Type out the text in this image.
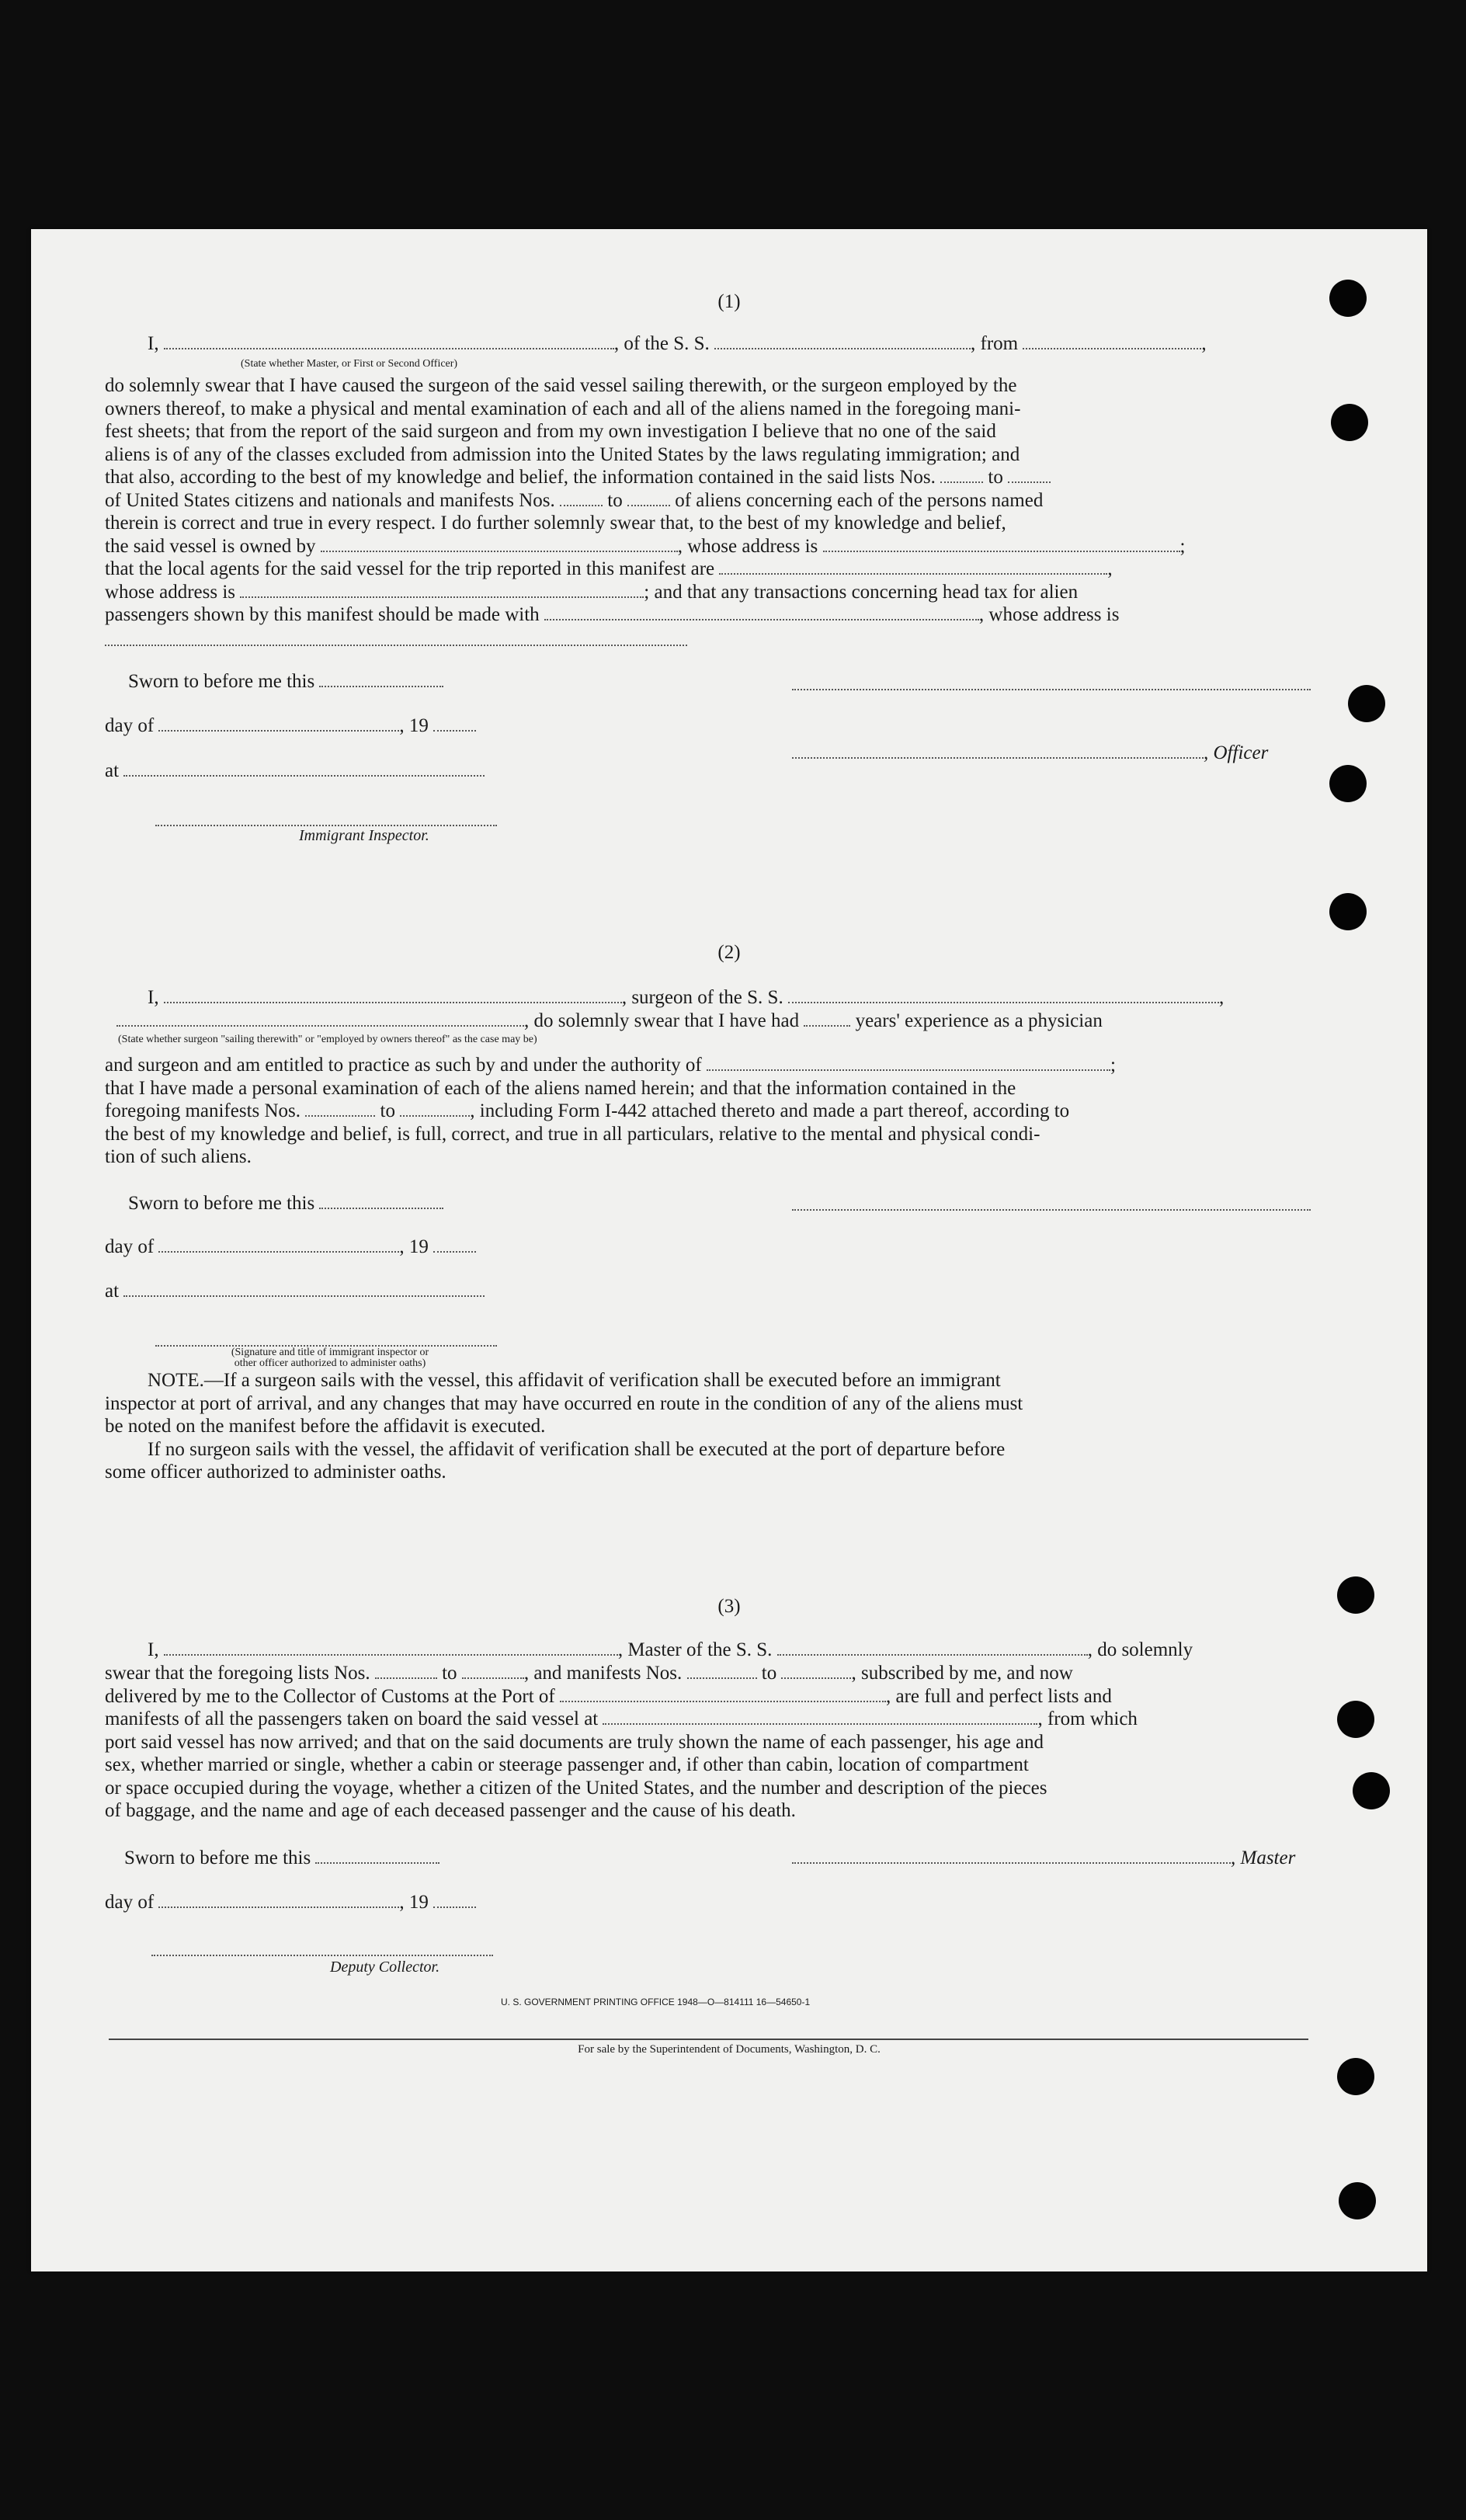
(1)
I,	, of the S. S.	, from	,
(State whether Master, or First or Second Officer)
do solemnly swear that I have caused the surgeon of the said vessel sailing therewith, or the surgeon employed by the
owners thereof, to make a physical and mental examination of each and all of the aliens named in the foregoing mani-
fest sheets; that from the report of the said surgeon and from my own investigation I believe that no one of the said
aliens is of any of the classes excluded from admission into the United States by the laws regulating immigration; and
that also, according to the best of my knowledge and belief, the information contained in the said lists Nos.	to
of United States citizens and nationals and manifests Nos.	to	of aliens concerning each of the persons named
therein is correct and true in every respect. I do further solemnly swear that, to the best of my knowledge and belief,
the said vessel is owned by	, whose address is	;
that the local agents for the said vessel for the trip reported in this manifest are	,
whose address is	; and that any transactions concerning head tax for alien
passengers shown by this manifest should be made with	, whose address is
Sworn to before me this
day of	, 19
, Officer
at
Immigrant Inspector.
(2)
I,	, surgeon of the S. S.	,
, do solemnly swear that I have had	years' experience as a physician
(State whether surgeon "sailing therewith" or "employed by owners thereof" as the case may be)
and surgeon and am entitled to practice as such by and under the authority of	;
that I have made a personal examination of each of the aliens named herein; and that the information contained in the
foregoing manifests Nos.	to	, including Form I-442 attached thereto and made a part thereof, according to
the best of my knowledge and belief, is full, correct, and true in all particulars, relative to the mental and physical condi-
tion of such aliens.
Sworn to before me this
day of	, 19
at
(Signature and title of immigrant inspector or
other officer authorized to administer oaths)
NOTE.—If a surgeon sails with the vessel, this affidavit of verification shall be executed before an immigrant
inspector at port of arrival, and any changes that may have occurred en route in the condition of any of the aliens must
be noted on the manifest before the affidavit is executed.
If no surgeon sails with the vessel, the affidavit of verification shall be executed at the port of departure before
some officer authorized to administer oaths.
(3)
I,	, Master of the S. S.	, do solemnly
swear that the foregoing lists Nos.	to	, and manifests Nos.	to	, subscribed by me, and now
delivered by me to the Collector of Customs at the Port of	, are full and perfect lists and
manifests of all the passengers taken on board the said vessel at	, from which
port said vessel has now arrived; and that on the said documents are truly shown the name of each passenger, his age and
sex, whether married or single, whether a cabin or steerage passenger and, if other than cabin, location of compartment
or space occupied during the voyage, whether a citizen of the United States, and the number and description of the pieces
of baggage, and the name and age of each deceased passenger and the cause of his death.
Sworn to before me this	, Master
day of	, 19
Deputy Collector.
U. S. GOVERNMENT PRINTING OFFICE 1948—O—814111 16—54650-1
For sale by the Superintendent of Documents, Washington, D. C.
